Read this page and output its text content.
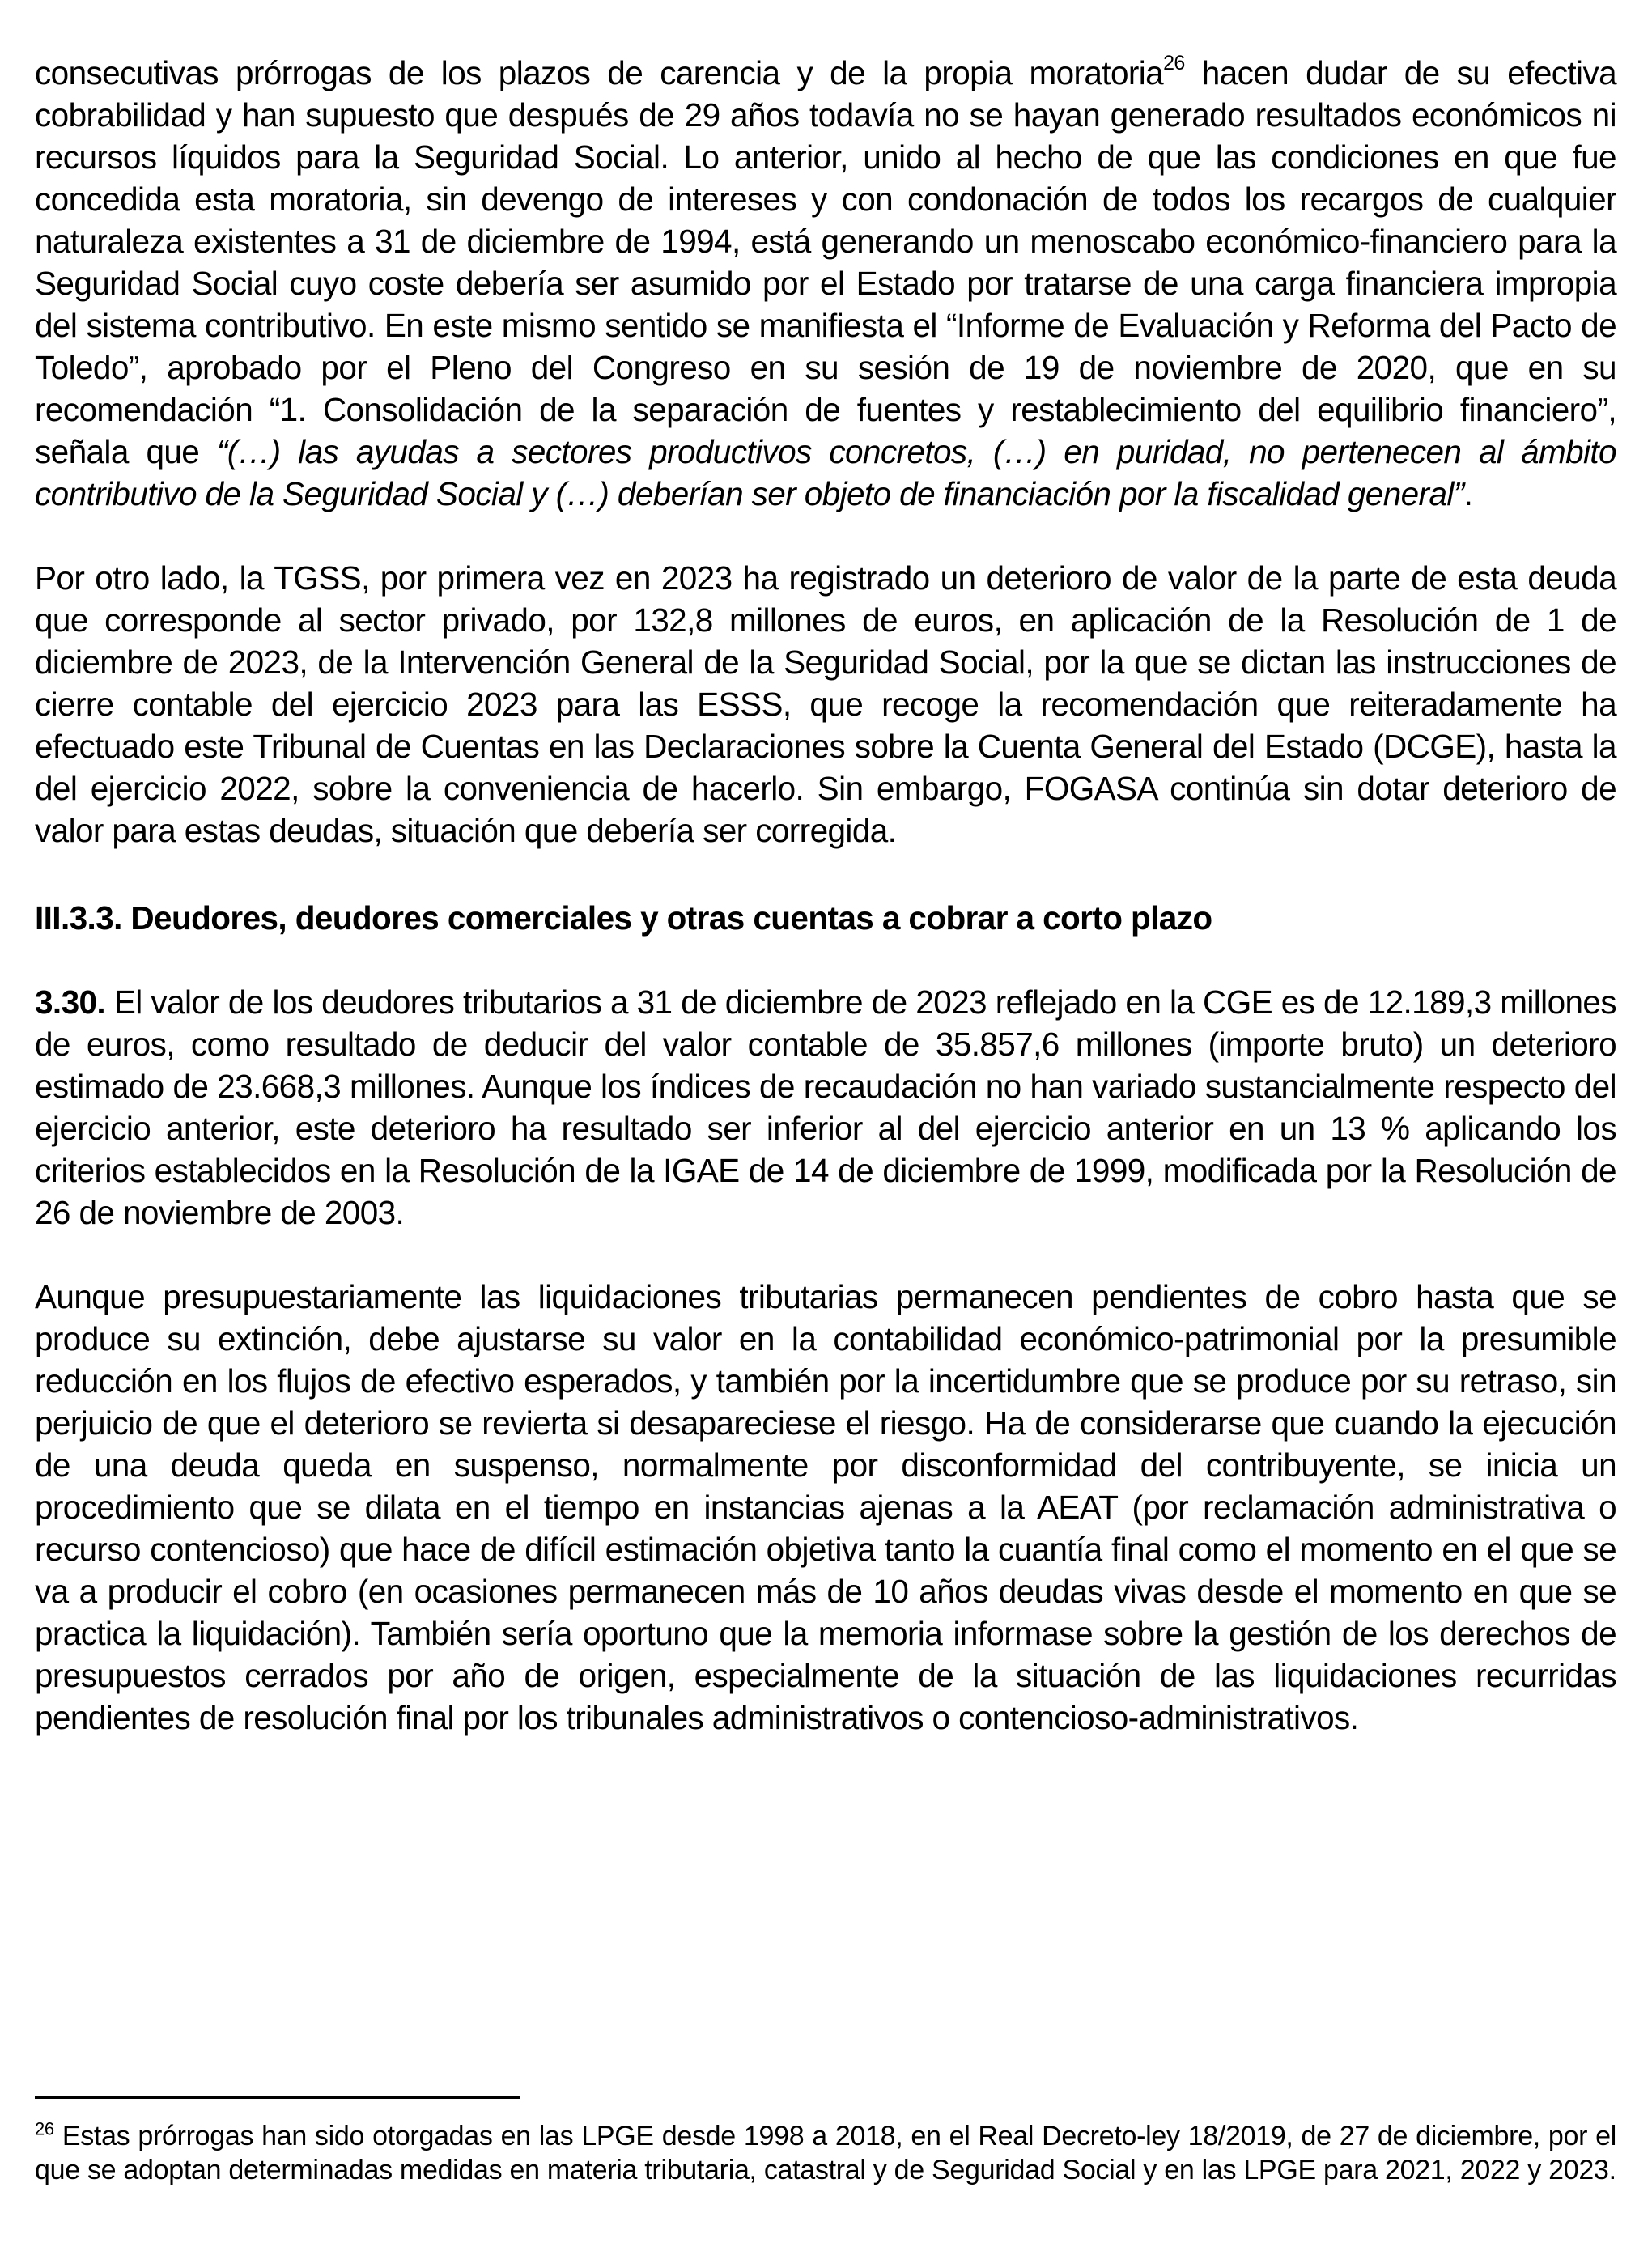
consecutivas prórrogas de los plazos de carencia y de la propia moratoria$^{26}$ hacen dudar de su efectiva cobrabilidad y han supuesto que después de 29 años todavía no se hayan generado resultados económicos ni recursos líquidos para la Seguridad Social. Lo anterior, unido al hecho de que las condiciones en que fue concedida esta moratoria, sin devengo de intereses y con condonación de todos los recargos de cualquier naturaleza existentes a 31 de diciembre de 1994, está generando un menoscabo económico-financiero para la Seguridad Social cuyo coste debería ser asumido por el Estado por tratarse de una carga financiera impropia del sistema contributivo. En este mismo sentido se manifiesta el “Informe de Evaluación y Reforma del Pacto de Toledo”, aprobado por el Pleno del Congreso en su sesión de 19 de noviembre de 2020, que en su recomendación “1. Consolidación de la separación de fuentes y restablecimiento del equilibrio financiero”, señala que “(…) las ayudas a sectores productivos concretos, (…) en puridad, no pertenecen al ámbito contributivo de la Seguridad Social y (…) deberían ser objeto de financiación por la fiscalidad general”.

Por otro lado, la TGSS, por primera vez en 2023 ha registrado un deterioro de valor de la parte de esta deuda que corresponde al sector privado, por 132,8 millones de euros, en aplicación de la Resolución de 1 de diciembre de 2023, de la Intervención General de la Seguridad Social, por la que se dictan las instrucciones de cierre contable del ejercicio 2023 para las ESSS, que recoge la recomendación que reiteradamente ha efectuado este Tribunal de Cuentas en las Declaraciones sobre la Cuenta General del Estado (DCGE), hasta la del ejercicio 2022, sobre la conveniencia de hacerlo. Sin embargo, FOGASA continúa sin dotar deterioro de valor para estas deudas, situación que debería ser corregida.

III.3.3. Deudores, deudores comerciales y otras cuentas a cobrar a corto plazo

3.30. El valor de los deudores tributarios a 31 de diciembre de 2023 reflejado en la CGE es de 12.189,3 millones de euros, como resultado de deducir del valor contable de 35.857,6 millones (importe bruto) un deterioro estimado de 23.668,3 millones. Aunque los índices de recaudación no han variado sustancialmente respecto del ejercicio anterior, este deterioro ha resultado ser inferior al del ejercicio anterior en un 13 % aplicando los criterios establecidos en la Resolución de la IGAE de 14 de diciembre de 1999, modificada por la Resolución de 26 de noviembre de 2003.

Aunque presupuestariamente las liquidaciones tributarias permanecen pendientes de cobro hasta que se produce su extinción, debe ajustarse su valor en la contabilidad económico-patrimonial por la presumible reducción en los flujos de efectivo esperados, y también por la incertidumbre que se produce por su retraso, sin perjuicio de que el deterioro se revierta si desapareciese el riesgo. Ha de considerarse que cuando la ejecución de una deuda queda en suspenso, normalmente por disconformidad del contribuyente, se inicia un procedimiento que se dilata en el tiempo en instancias ajenas a la AEAT (por reclamación administrativa o recurso contencioso) que hace de difícil estimación objetiva tanto la cuantía final como el momento en el que se va a producir el cobro (en ocasiones permanecen más de 10 años deudas vivas desde el momento en que se practica la liquidación). También sería oportuno que la memoria informase sobre la gestión de los derechos de presupuestos cerrados por año de origen, especialmente de la situación de las liquidaciones recurridas pendientes de resolución final por los tribunales administrativos o contencioso-administrativos.

$^{26}$ Estas prórrogas han sido otorgadas en las LPGE desde 1998 a 2018, en el Real Decreto-ley 18/2019, de 27 de diciembre, por el que se adoptan determinadas medidas en materia tributaria, catastral y de Seguridad Social y en las LPGE para 2021, 2022 y 2023.
